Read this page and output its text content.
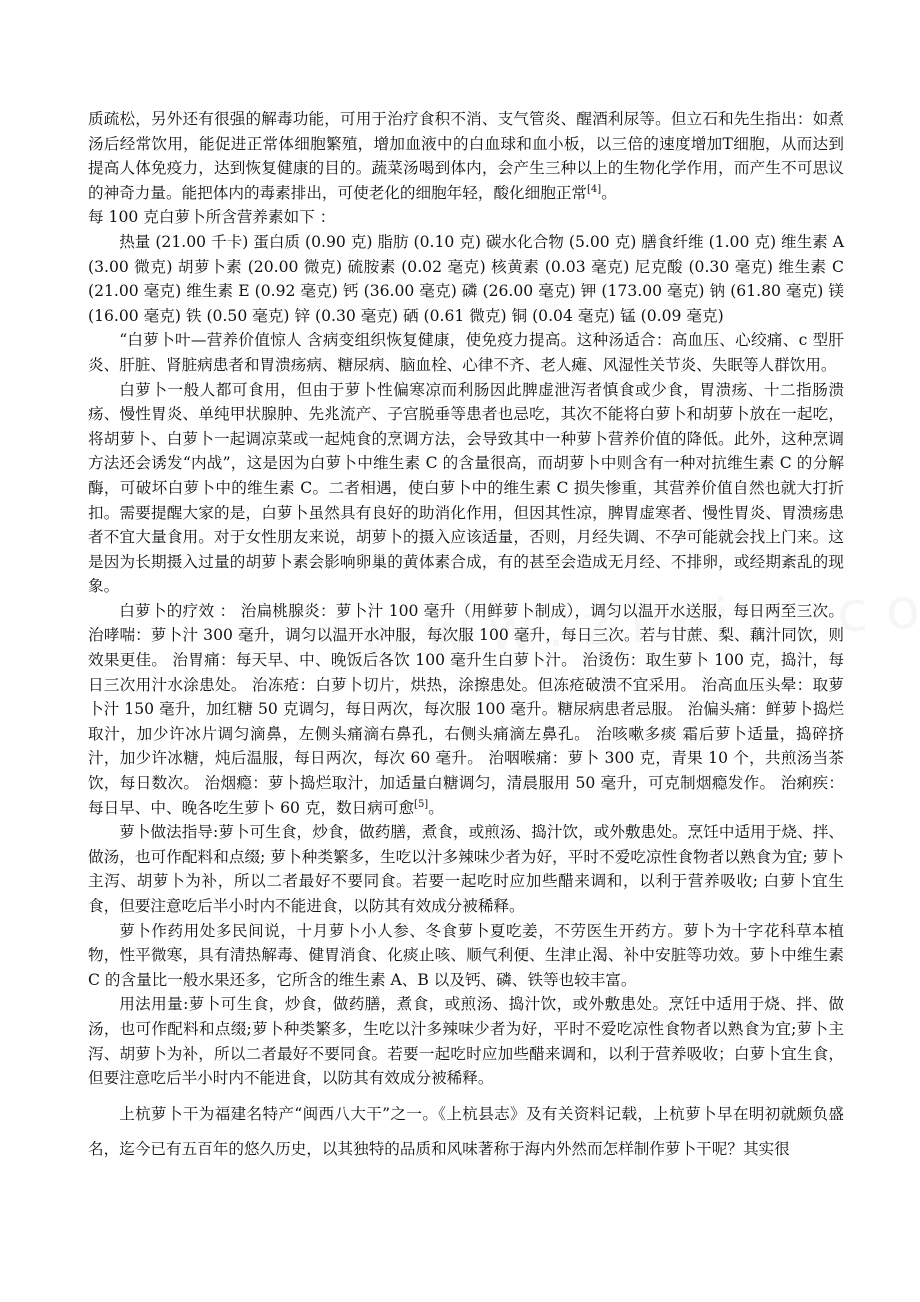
质疏松，另外还有很强的解毒功能，可用于治疗食积不消、支气管炎、醒酒利尿等。但立石和先生指出：如煮汤后经常饮用，能促进正常体细胞繁殖，增加血液中的白血球和血小板，以三倍的速度增加T细胞，从而达到提高人体免疫力，达到恢复健康的目的。蔬菜汤喝到体内，会产生三种以上的生物化学作用，而产生不可思议的神奇力量。能把体内的毒素排出，可使老化的细胞年轻，酸化细胞正常[4]。

每 100 克白萝卜所含营养素如下 ：

热量 (21.00 千卡) 蛋白质 (0.90 克) 脂肪 (0.10 克) 碳水化合物 (5.00 克) 膳食纤维 (1.00 克) 维生素 A (3.00 微克) 胡萝卜素 (20.00 微克) 硫胺素 (0.02 毫克) 核黄素 (0.03 毫克) 尼克酸 (0.30 毫克) 维生素 C (21.00 毫克) 维生素 E (0.92 毫克) 钙 (36.00 毫克) 磷 (26.00 毫克) 钾 (173.00 毫克) 钠 (61.80 毫克) 镁 (16.00 毫克) 铁 (0.50 毫克) 锌 (0.30 毫克) 硒 (0.61 微克) 铜 (0.04 毫克) 锰 (0.09 毫克)

“白萝卜叶—营养价值惊人 含病变组织恢复健康，使免疫力提高。这种汤适合：高血压、心绞痛、c 型肝炎、肝脏、肾脏病患者和胃溃疡病、糖尿病、脑血栓、心律不齐、老人瘫、风湿性关节炎、失眠等人群饮用。

白萝卜一般人都可食用，但由于萝卜性偏寒凉而利肠因此脾虚泄泻者慎食或少食，胃溃疡、十二指肠溃疡、慢性胃炎、单纯甲状腺肿、先兆流产、子宫脱垂等患者也忌吃，其次不能将白萝卜和胡萝卜放在一起吃，将胡萝卜、白萝卜一起调凉菜或一起炖食的烹调方法，会导致其中一种萝卜营养价值的降低。此外，这种烹调方法还会诱发“内战”，这是因为白萝卜中维生素 C 的含量很高，而胡萝卜中则含有一种对抗维生素 C 的分解酶，可破坏白萝卜中的维生素 C。二者相遇，使白萝卜中的维生素 C 损失惨重，其营养价值自然也就大打折扣。需要提醒大家的是，白萝卜虽然具有良好的助消化作用，但因其性凉，脾胃虚寒者、慢性胃炎、胃溃疡患者不宜大量食用。对于女性朋友来说，胡萝卜的摄入应该适量，否则，月经失调、不孕可能就会找上门来。这是因为长期摄入过量的胡萝卜素会影响卵巢的黄体素合成，有的甚至会造成无月经、不排卵，或经期紊乱的现象。

白萝卜的疗效 ： 治扁桃腺炎：萝卜汁 100 毫升（用鲜萝卜制成），调匀以温开水送服，每日两至三次。 治哮喘：萝卜汁 300 毫升，调匀以温开水冲服，每次服 100 毫升，每日三次。若与甘蔗、梨、藕汁同饮，则效果更佳。 治胃痛：每天早、中、晚饭后各饮 100 毫升生白萝卜汁。 治烫伤：取生萝卜 100 克，捣汁，每日三次用汁水涂患处。 治冻疮：白萝卜切片，烘热，涂擦患处。但冻疮破溃不宜采用。 治高血压头晕：取萝卜汁 150 毫升，加红糖 50 克调匀，每日两次，每次服 100 毫升。糖尿病患者忌服。 治偏头痛：鲜萝卜捣烂取汁，加少许冰片调匀滴鼻，左侧头痛滴右鼻孔，右侧头痛滴左鼻孔。 治咳嗽多痰 霜后萝卜适量，捣碎挤汁，加少许冰糖，炖后温服，每日两次，每次 60 毫升。 治咽喉痛：萝卜 300 克，青果 10 个，共煎汤当茶饮，每日数次。 治烟瘾：萝卜捣烂取汁，加适量白糖调匀，清晨服用 50 毫升，可克制烟瘾发作。 治痢疾：每日早、中、晚各吃生萝卜 60 克，数日病可愈[5]。

萝卜做法指导:萝卜可生食，炒食，做药膳，煮食，或煎汤、捣汁饮，或外敷患处。烹饪中适用于烧、拌、做汤，也可作配料和点缀; 萝卜种类繁多，生吃以汁多辣味少者为好，平时不爱吃凉性食物者以熟食为宜; 萝卜主泻、胡萝卜为补，所以二者最好不要同食。若要一起吃时应加些醋来调和，以利于营养吸收; 白萝卜宜生食，但要注意吃后半小时内不能进食，以防其有效成分被稀释。

萝卜作药用处多民间说，十月萝卜小人参、冬食萝卜夏吃姜，不劳医生开药方。萝卜为十字花科草本植物，性平微寒，具有清热解毒、健胃消食、化痰止咳、顺气利便、生津止渴、补中安脏等功效。萝卜中维生素 C 的含量比一般水果还多，它所含的维生素 A、B 以及钙、磷、铁等也较丰富。

用法用量:萝卜可生食，炒食，做药膳，煮食，或煎汤、捣汁饮，或外敷患处。烹饪中适用于烧、拌、做汤，也可作配料和点缀;萝卜种类繁多，生吃以汁多辣味少者为好，平时不爱吃凉性食物者以熟食为宜;萝卜主泻、胡萝卜为补，所以二者最好不要同食。若要一起吃时应加些醋来调和，以利于营养吸收；白萝卜宜生食，但要注意吃后半小时内不能进食，以防其有效成分被稀释。

上杭萝卜干为福建名特产“闽西八大干”之一。《上杭县志》及有关资料记载，上杭萝卜早在明初就颇负盛名，迄今已有五百年的悠久历史，以其独特的品质和风味著称于海内外然而怎样制作萝卜干呢？其实很
